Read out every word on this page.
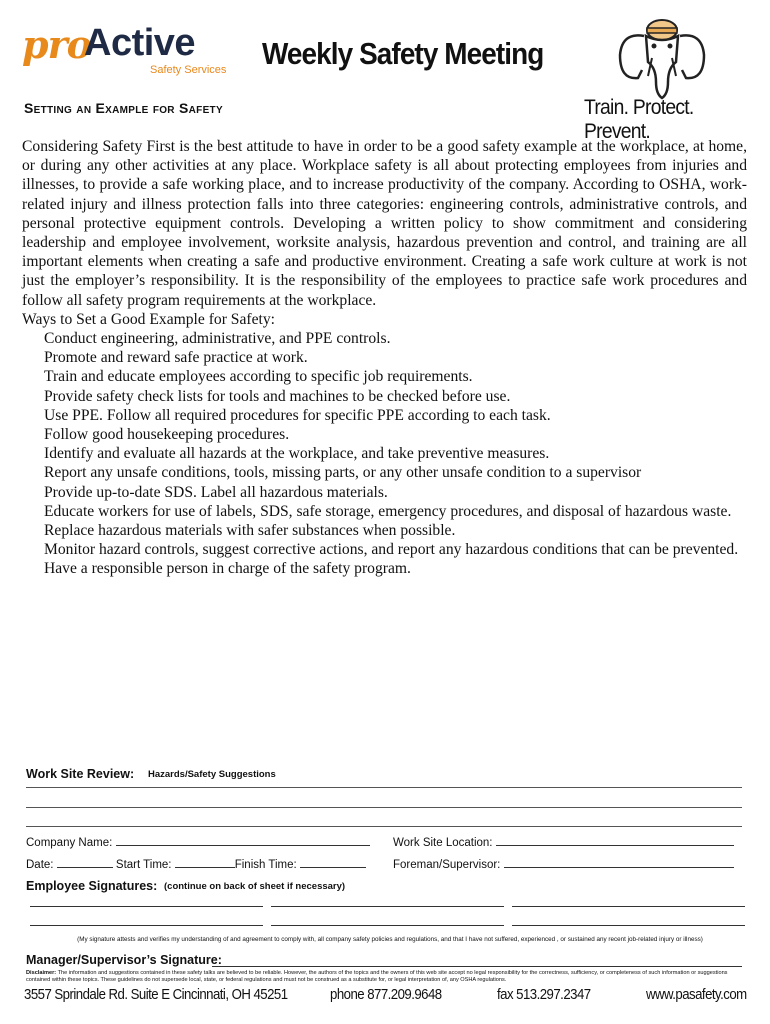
pro
Active
Safety Services Weekly Safety Meeting
Train. Protect. Prevent.
Setting an Example for Safety

Considering Safety First is the best attitude to have in order to be a good safety example at the workplace, at home, or during any other activities at any place. Workplace safety is all about protecting employees from injuries and illnesses, to provide a safe working place, and to increase productivity of the company. According to OSHA, work-related injury and illness protection falls into three categories: engineering controls, administrative controls, and personal protective equipment controls. Developing a written policy to show commitment and considering leadership and employee involvement, worksite analysis, hazardous prevention and control, and training are all important elements when creating a safe and productive environment. Creating a safe work culture at work is not just the employer’s responsibility. It is the responsibility of the employees to practice safe work procedures and follow all safety program requirements at the workplace.

Ways to Set a Good Example for Safety:

Conduct engineering, administrative, and PPE controls.
Promote and reward safe practice at work.
Train and educate employees according to specific job requirements.
Provide safety check lists for tools and machines to be checked before use.
Use PPE. Follow all required procedures for specific PPE according to each task.
Follow good housekeeping procedures.
Identify and evaluate all hazards at the workplace, and take preventive measures.
Report any unsafe conditions, tools, missing parts, or any other unsafe condition to a supervisor
Provide up-to-date SDS. Label all hazardous materials.
Educate workers for use of labels, SDS, safe storage, emergency procedures, and disposal of hazardous waste.
Replace hazardous materials with safer substances when possible.
Monitor hazard controls, suggest corrective actions, and report any hazardous conditions that can be prevented.
Have a responsible person in charge of the safety program.
Work Site Review: Hazards/Safety Suggestions
Company Name:	Work Site Location:
Date:	Start Time:	Finish Time:	Foreman/Supervisor:
Employee Signatures: (continue on back of sheet if necessary)
(My signature attests and verifies my understanding of and agreement to comply with, all company safety policies and regulations, and that I have not suffered, experienced , or sustained any recent job-related injury or illness)
Manager/Supervisor’s Signature:
Disclaimer: The information and suggestions contained in these safety talks are believed to be reliable. However, the authors of the topics and the owners of this web site accept no legal responsibility for the correctness, sufficiency, or completeness of such information or suggestions contained within these topics. These guidelines do not supersede local, state, or federal regulations and must not be construed as a substitute for, or legal interpretation of, any OSHA regulations.
3557 Sprindale Rd. Suite E Cincinnati, OH 45251	phone 877.209.9648	fax 513.297.2347	www.pasafety.com
